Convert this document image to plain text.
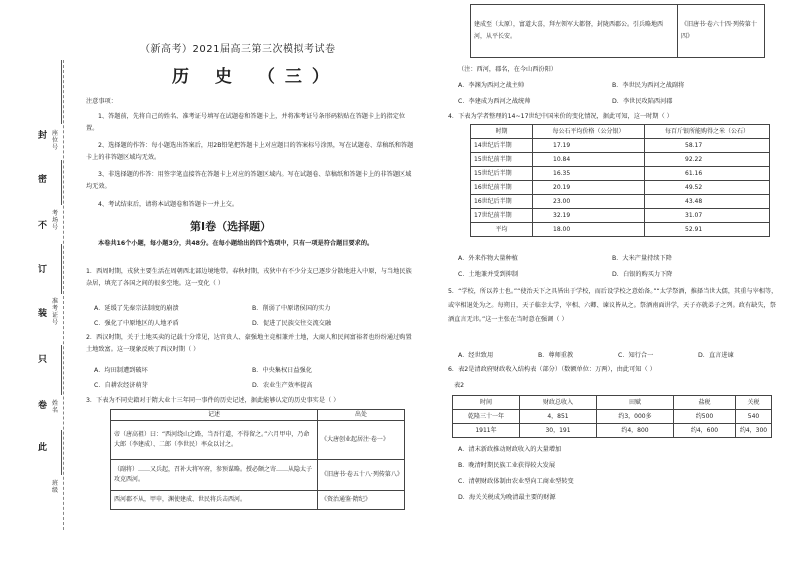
封
密
不
订
装
只
卷
此
座位号
考场号
准考证号
姓名
班级
（新高考）2021届高三第三次模拟考试卷
历 史 （三）
注意事项：
1、答题前，先将自己的姓名、准考证号填写在试题卷和答题卡上，并将准考证号条形码粘贴在答题卡上的指定位置。
2、选择题的作答：每小题选出答案后，用2B铅笔把答题卡上对应题目的答案标号涂黑，写在试题卷、草稿纸和答题卡上的非答题区域均无效。
3、非选择题的作答：用签字笔直接答在答题卡上对应的答题区域内。写在试题卷、草稿纸和答题卡上的非答题区域均无效。
4、考试结束后，请将本试题卷和答题卡一并上交。
第Ⅰ卷（选择题）
本卷共16个小题，每小题3分，共48分。在每小题给出的四个选项中，只有一项是符合题目要求的。
1．西周时期，戎狄主要生活在周朝西北部边境地带。春秋时期，戎狄中有不少分支已逐步分散地进入中原，与当地民族杂居，填充了各国之间的很多空地。这一变化（ ）
A．延缓了先秦宗法制度的崩溃	B．削弱了中原诸侯国的实力
C．强化了中原地区的人地矛盾	D．促进了民族交往交流交融
2．西汉时期，关于土地买卖的记载十分常见，达官贵人、豪强地主竞相兼并土地，大商人和民间富裕者也纷纷通过购置土地致富。这一现象反映了西汉时期（ ）
A．均田制遭到破坏	B．中央集权日益强化
C．自耕农经济萌芽	D．农业生产效率提高
3．下表为不同史籍对于隋大业十三年同一事件的历史记述，据此能够认定的历史事实是（ ）
记述	出处
帝（唐高祖）曰：“西河绕山之路，当吾行道，不得留之。”六月甲申，乃命大郎（李建成）、二郎（李世民）率众以讨之。	《大唐创业起居注·卷一》
（副将）……又兵起，召补大将军府，参预谋略。授必颇之寄……从隐太子攻克西河。	《旧唐书·卷五十八·列传第八》
西河郡不从，甲申，渊使建成、世民将兵击西河。	《资治通鉴·隋纪》
建成至（太原），富道大喜，拜左领军大都督，封陇西郡公。引兵略地西河，从平长安。	《旧唐书·卷六十四·列传第十四》
（注：西河，郡名，在今山西汾阳）
A．李渊为西河之战主帅	B．李世民为西河之战副将
C．李建成为西河之战统帅	D．李世民攻陷西河郡
4．下表为学者整理的14~17世纪中国米价的变化情况，据此可知，这一时期（ ）
时期	每公石平均价格（公分银）	每百斤银所能购得之米（公石）
14世纪后半期	17.19	58.17
15世纪前半期	10.84	92.22
15世纪后半期	16.35	61.16
16世纪前半期	20.19	49.52
16世纪后半期	23.00	43.48
17世纪前半期	32.19	31.07
平均	18.00	52.91
A．外来作物大量种植	B．大米产量持续下降
C．土地兼并受到抑制	D．白银的购买力下降
5．“学校，所以养士也。”“使治天下之具皆出于学校，而后设学校之意始备。”“太学祭酒，推择当世大儒，其重与宰相等，或宰相退处为之。每朔日，天子临幸太学，宰相、六卿、谏议皆从之。祭酒南面讲学，天子亦就弟子之列。政有缺失，祭酒直言无讳。”这一主张在当时意在强调（ ）
A．经世致用	B．尊师重教	C．知行合一	D．直言进谏
6．表2是清政府财政收入结构表（部分）（数额单位：万两），由此可知（ ）
表2
时间	财政总收入	田赋	盐税	关税
乾隆三十一年	4，851	约3，000多	约500	540
1911年	30，191	约4，800	约4，600	约4，300
A．清末新政推动财政收入的大量增加
B．晚清时期民族工业获得较大发展
C．清朝财政体制由农业型向工商业型转变
D．海关关税成为晚清最主要的财源
